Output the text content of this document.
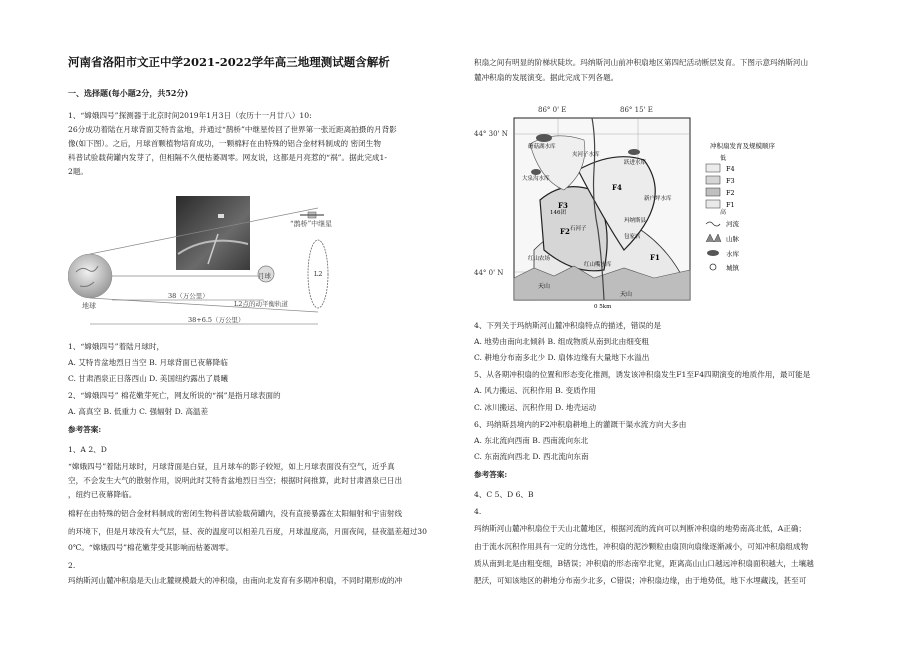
河南省洛阳市文正中学2021-2022学年高三地理测试题含解析
一、选择题(每小题2分，共52分)
1、“嫦娥四号”探测器于北京时间2019年1月3日（农历十一月廿八）10:
26分成功着陆在月球背面艾特肯盆地，并通过“鹊桥”中继星传回了世界第一张近距离拍摄的月背影
像(如下图）。之后，月球首颗植物培育成功，一颗棉籽在由特殊的铝合金材料制成的 密闭生物
科普试验载荷罐内发芽了，但相隔不久便枯萎凋零。网友说，这都是月亮惹的“祸”。据此完成1-
2题。
地球
月球
“鹊桥”中继星
L2
L2点的动平衡轨道
38（万公里）
38+6.5（万公里）
1、“嫦娥四号”着陆月球时，
A. 艾特肯盆地烈日当空 B. 月球背面已夜幕降临
C. 甘肃酒泉正日落西山 D. 美国纽约露出了晨曦
2、“嫦娥四号” 棉花嫩芽死亡，网友所说的“祸”是指月球表面的
A. 高真空 B. 低重力 C. 强辐射 D. 高温差
参考答案:
1、A 2、D
“嫦娥四号”着陆月球时，月球背面是白昼，且月球车的影子较短，如上月球表面没有空气，近乎真
空，不会发生大气的散射作用，说明此时艾特肯盆地烈日当空；根据时间推算，此时甘肃酒泉已日出
，纽约已夜幕降临。
棉籽在由特殊的铝合金材料制成的密闭生物科普试验载荷罐内，没有直接暴露在太阳辐射和宇宙射线
的环境下，但是月球没有大气层，昼、夜的温度可以相差几百度，月球温度高，月面夜间，昼夜温差超过30
0℃。“嫦娥四号”棉花嫩芽受其影响而枯萎凋零。
2.
玛纳斯河山麓冲积扇是天山北麓规模最大的冲积扇，由南向北发育有多期冲积扇，不同时期形成的冲
积扇之间有明显的阶梯状陡坎。玛纳斯河山前冲积扇地区第四纪活动断层发育。下图示意玛纳斯河山
麓冲积扇的发展演变。据此完成下列各题。
86° 0' E	86° 15' E
44° 30' N
44° 0' N
F4
F3
F2
F1
夹河子水库
蘑菇湖水库
大泉沟水库
跃进水库
石河子
玛纳斯县
新户坪水库
红山农场
天山
146团
红山嘴水库
包家店
天山
0 5km
冲积扇发育及规模顺序
低
F4
F3
F2
F1
高
河流
山脉
水库
城镇
4、下列关于玛纳斯河山麓冲积扇特点的描述，错误的是
A. 地势由南向北倾斜 B. 组成物质从南到北由细变粗
C. 耕地分布南多北少 D. 扇体边缘有大量地下水溢出
5、从各期冲积扇的位置和形态变化推测，诱发该冲积扇发生F1至F4四期演变的地质作用，最可能是
A. 风力搬运、沉积作用 B. 变质作用
C. 冰川搬运、沉积作用 D. 地壳运动
6、玛纳斯县境内的F2冲积扇耕地上的灌溉干渠水流方向大多由
A. 东北流向西南 B. 西南流向东北
C. 东南流向西北 D. 西北流向东南
参考答案:
4、C 5、D 6、B
4.
玛纳斯河山麓冲积扇位于天山北麓地区，根据河流的流向可以判断冲积扇的地势南高北低，A正确；
由于流水沉积作用具有一定的分选性，冲积扇的泥沙颗粒由扇顶向扇缘逐渐减小，可知冲积扇组成物
质从南到北是由粗变细，B错误；冲积扇的形态南窄北宽，距离高山山口越远冲积扇面积越大，土壤越
肥沃，可知该地区的耕地分布南少北多，C错误；冲积扇边缘，由于地势低，地下水埋藏浅，甚至可
